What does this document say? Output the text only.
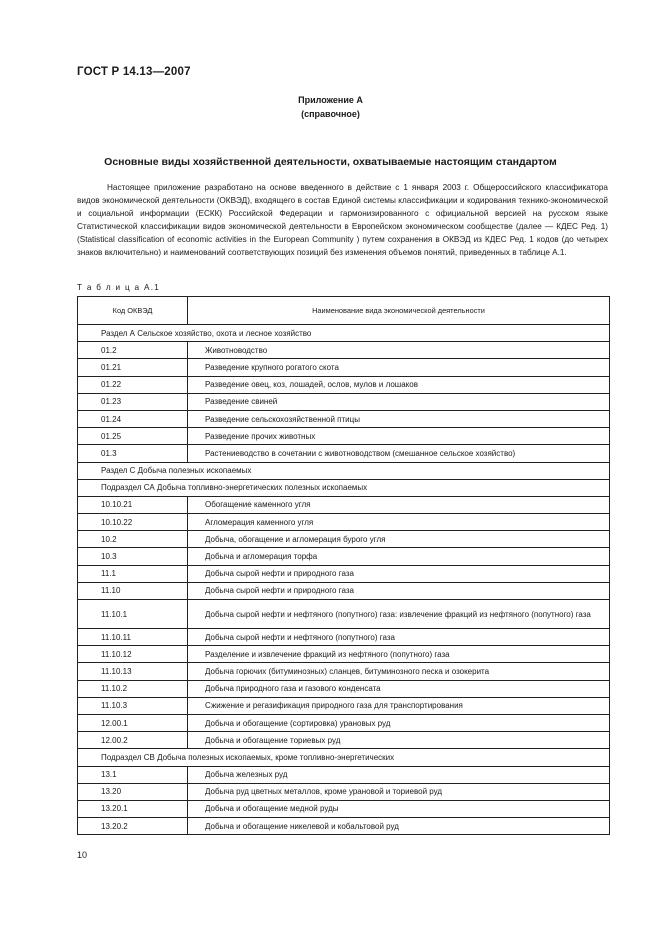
ГОСТ Р 14.13—2007
Приложение А
(справочное)
Основные виды хозяйственной деятельности, охватываемые настоящим стандартом

Настоящее приложение разработано на основе введенного в действие с 1 января 2003 г. Общероссийского классификатора видов экономической деятельности (ОКВЭД), входящего в состав Единой системы классификации и кодирования технико-экономической и социальной информации (ЕСКК) Российской Федерации и гармонизированного с официальной версией на русском языке Статистической классификации видов экономической деятельности в Европейском экономическом сообществе (далее — КДЕС Ред. 1) (Statistical classification of economic activities in the European Community ) путем сохранения в ОКВЭД из КДЕС Ред. 1 кодов (до четырех знаков включительно) и наименований соответствующих позиций без изменения объемов понятий, приведенных в таблице А.1.

Т а б л и ц а А.1
Код ОКВЭД	Наименование вида экономической деятельности
Раздел А Сельское хозяйство, охота и лесное хозяйство	
01.2	Животноводство
01.21	Разведение крупного рогатого скота
01.22	Разведение овец, коз, лошадей, ослов, мулов и лошаков
01.23	Разведение свиней
01.24	Разведение сельскохозяйственной птицы
01.25	Разведение прочих животных
01.3	Растениеводство в сочетании с животноводством (смешанное сельское хозяйство)
Раздел С Добыча полезных ископаемых	
Подраздел СА Добыча топливно-энергетических полезных ископаемых	
10.10.21	Обогащение каменного угля
10.10.22	Агломерация каменного угля
10.2	Добыча, обогащение и агломерация бурого угля
10.3	Добыча и агломерация торфа
11.1	Добыча сырой нефти и природного газа
11.10	Добыча сырой нефти и природного газа
11.10.1	Добыча сырой нефти и нефтяного (попутного) газа: извлечение фракций из нефтяного (попутного) газа
11.10.11	Добыча сырой нефти и нефтяного (попутного) газа
11.10.12	Разделение и извлечение фракций из нефтяного (попутного) газа
11.10.13	Добыча горючих (битуминозных) сланцев, битуминозного песка и озокерита
11.10.2	Добыча природного газа и газового конденсата
11.10.3	Сжижение и регазификация природного газа для транспортирования
12.00.1	Добыча и обогащение (сортировка) урановых руд
12.00.2	Добыча и обогащение ториевых руд
Подраздел СВ Добыча полезных ископаемых, кроме топливно-энергетических	
13.1	Добыча железных руд
13.20	Добыча руд цветных металлов, кроме урановой и ториевой руд
13.20.1	Добыча и обогащение медной руды
13.20.2	Добыча и обогащение никелевой и кобальтовой руд
10
